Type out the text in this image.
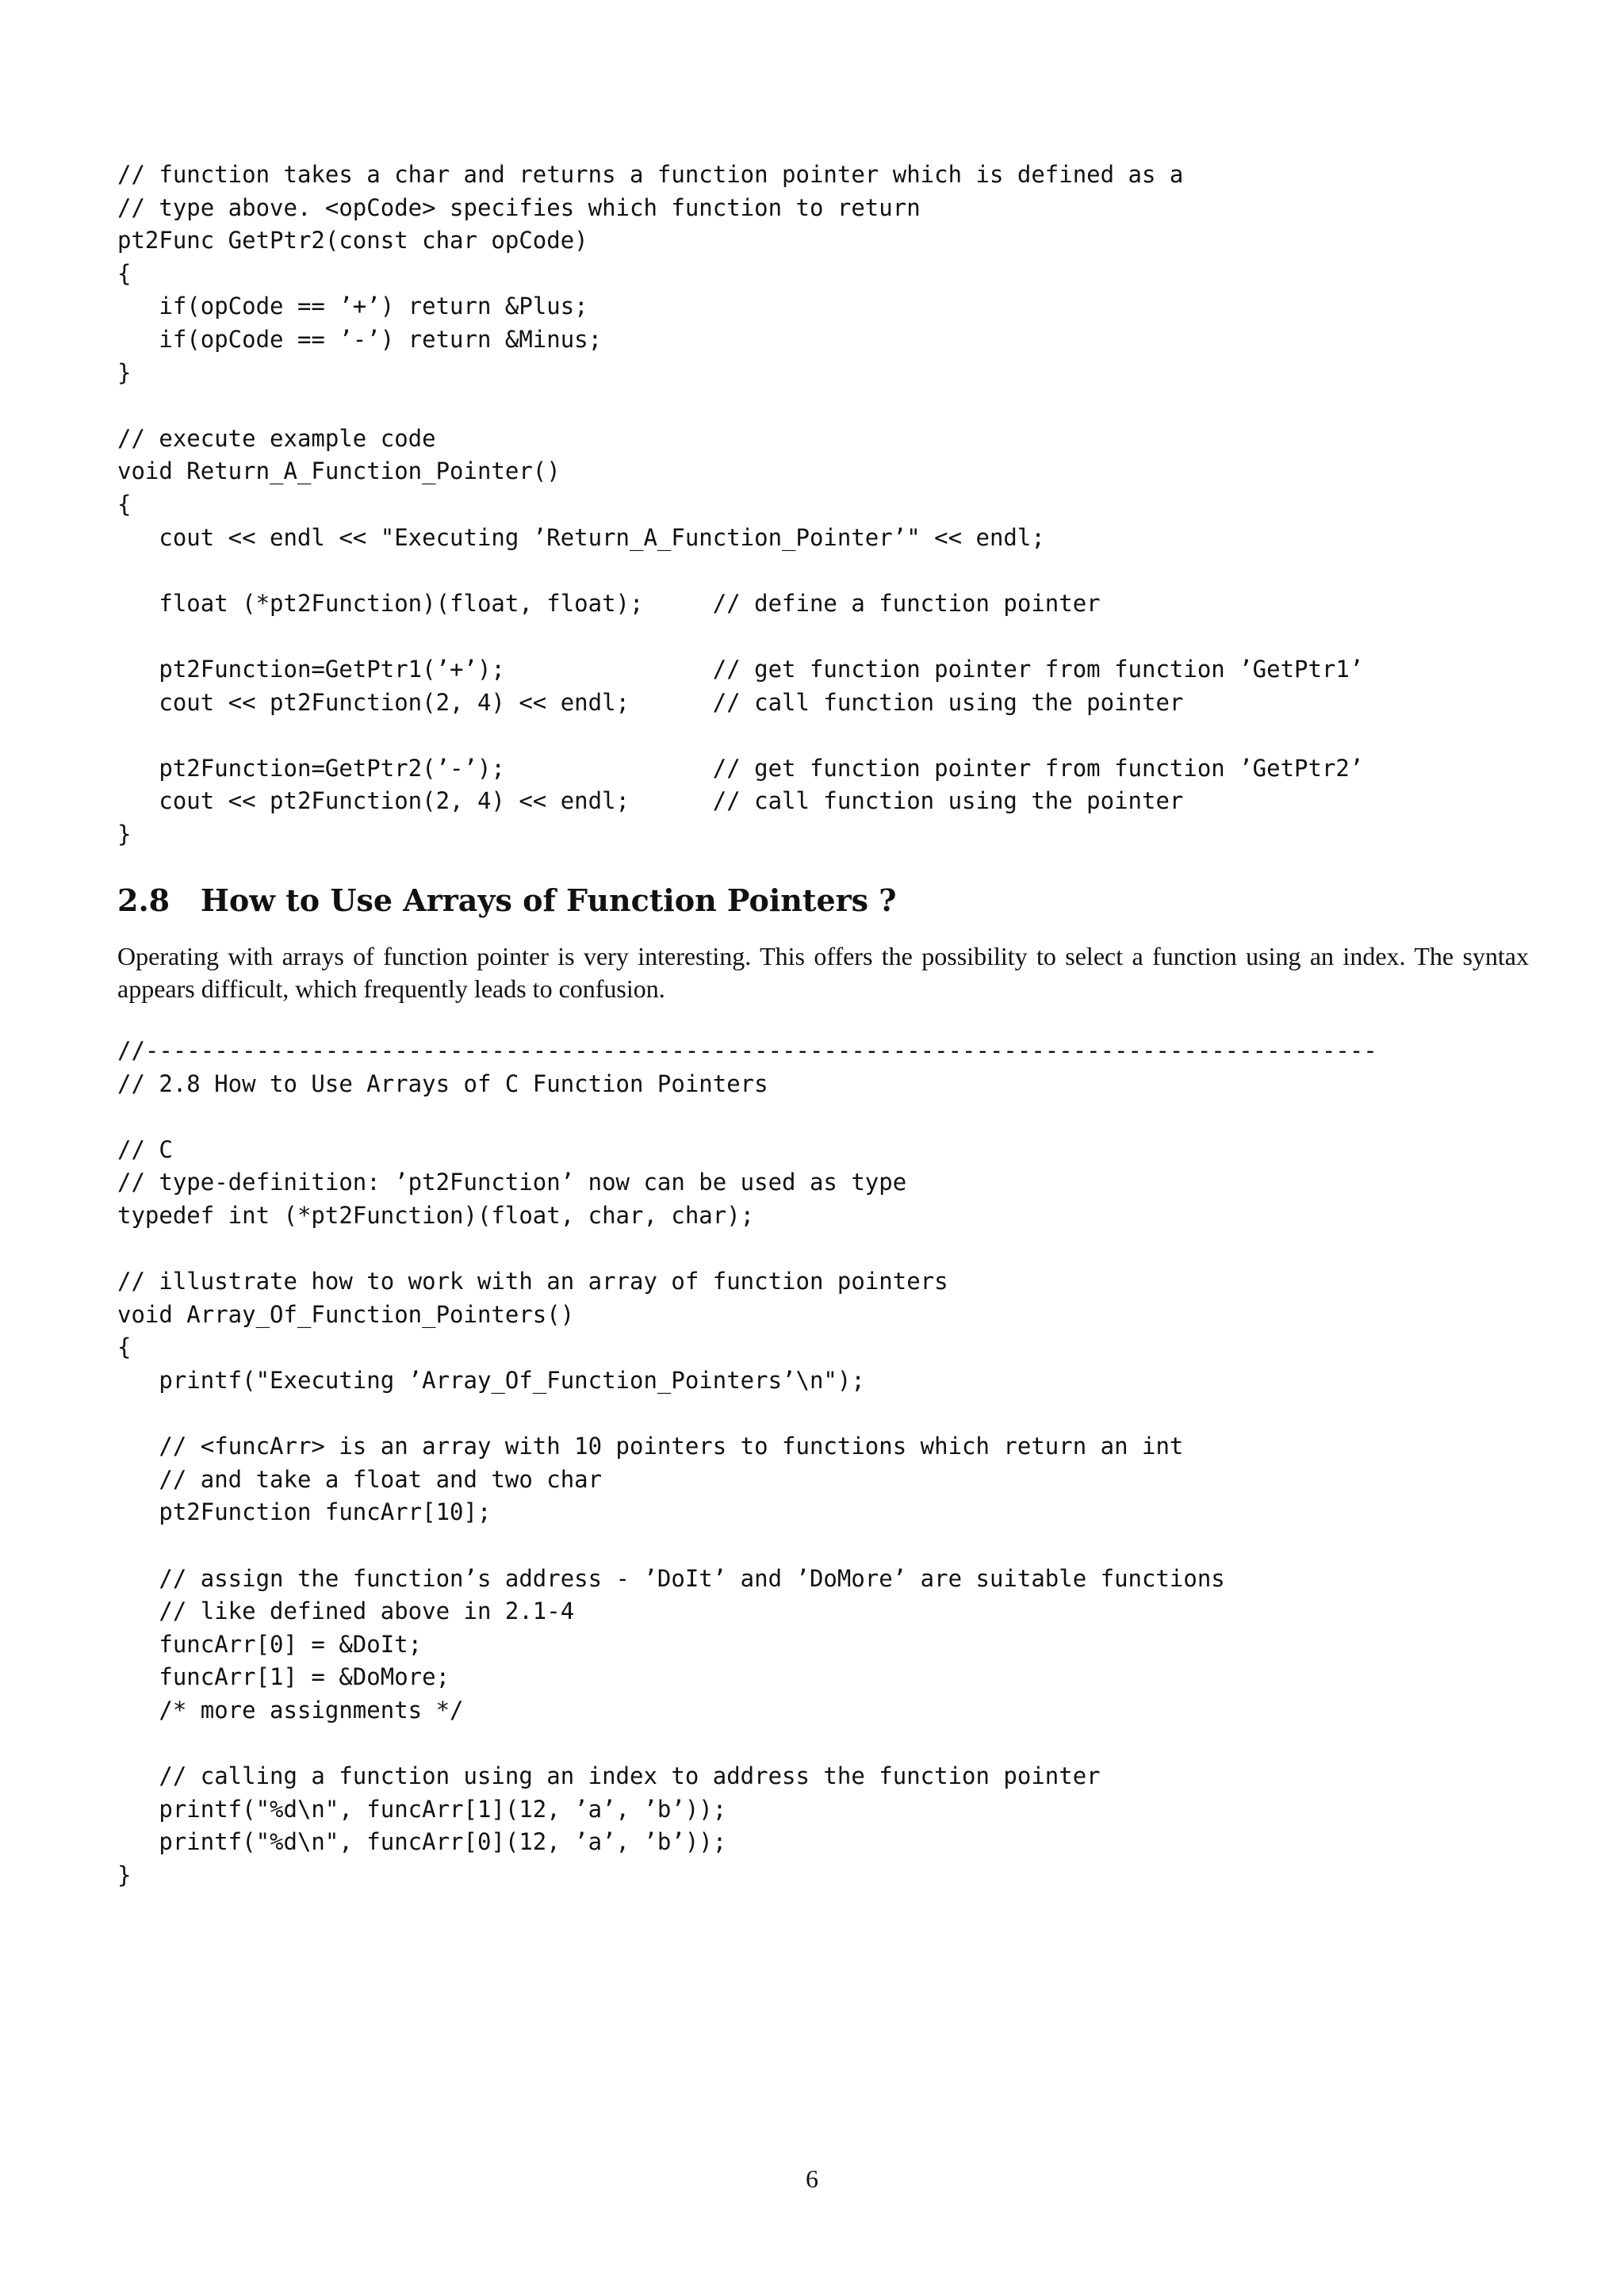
// function takes a char and returns a function pointer which is defined as a
// type above. <opCode> specifies which function to return
pt2Func GetPtr2(const char opCode)
{
if(opCode == ’+’) return &Plus;
if(opCode == ’-’) return &Minus;
}
// execute example code
void Return_A_Function_Pointer()
{
cout << endl << "Executing ’Return_A_Function_Pointer’" << endl;
float (*pt2Function)(float, float);     // define a function pointer
pt2Function=GetPtr1(’+’);               // get function pointer from function ’GetPtr1’
cout << pt2Function(2, 4) << endl;      // call function using the pointer
pt2Function=GetPtr2(’-’);               // get function pointer from function ’GetPtr2’
cout << pt2Function(2, 4) << endl;      // call function using the pointer
}
2.8 How to Use Arrays of Function Pointers ?

Operating with arrays of function pointer is very interesting. This offers the possibility to select a function using an index. The syntax appears difficult, which frequently leads to confusion.

//-----------------------------------------------------------------------------------------
// 2.8 How to Use Arrays of C Function Pointers
// C
// type-definition: ’pt2Function’ now can be used as type
typedef int (*pt2Function)(float, char, char);
// illustrate how to work with an array of function pointers
void Array_Of_Function_Pointers()
{
printf("Executing ’Array_Of_Function_Pointers’\n");
// <funcArr> is an array with 10 pointers to functions which return an int
// and take a float and two char
pt2Function funcArr[10];
// assign the function’s address - ’DoIt’ and ’DoMore’ are suitable functions
// like defined above in 2.1-4
funcArr[0] = &DoIt;
funcArr[1] = &DoMore;
/* more assignments */
// calling a function using an index to address the function pointer
printf("%d\n", funcArr[1](12, ’a’, ’b’));
printf("%d\n", funcArr[0](12, ’a’, ’b’));
}
6
